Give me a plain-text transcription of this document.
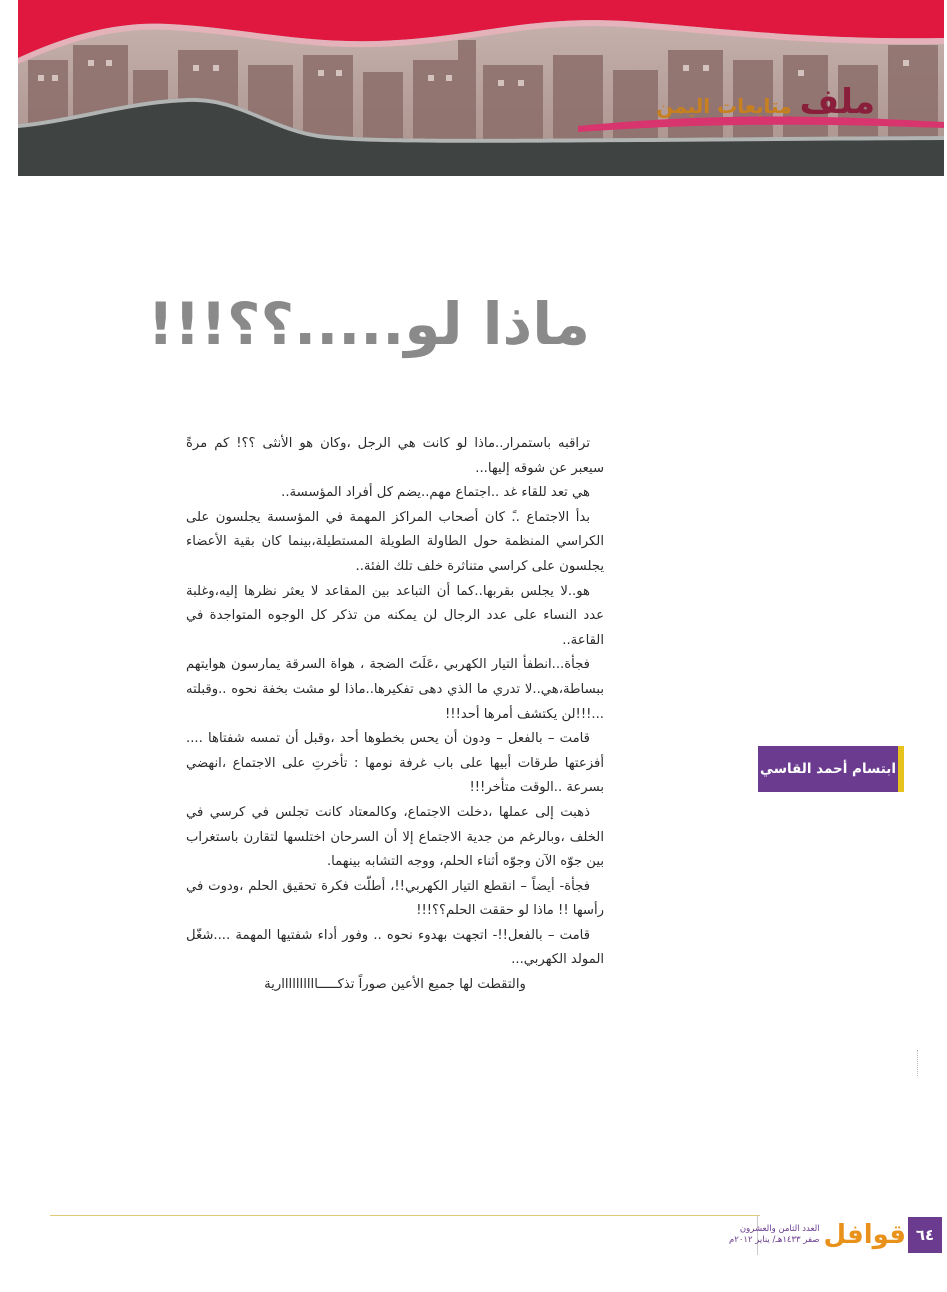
ملف
متابعات اليمن
ماذا لو.....؟؟!!!

تراقبه باستمرار..ماذا لو كانت هي الرجل ،وكان هو الأنثى ؟؟! كم مرةً سيعبر عن شوقه إليها...

هي تعد للقاء غد ..اجتماع مهم..يضم كل أفراد المؤسسة..

بدأ الاجتماع ..ً كان أصحاب المراكز المهمة في المؤسسة يجلسون على الكراسي المنظمة حول الطاولة الطويلة المستطيلة،بينما كان بقية الأعضاء يجلسون على كراسي متناثرة خلف تلك الفئة..

هو..لا يجلس بقربها..كما أن التباعد بين المقاعد لا يعثر نظرها إليه،وغلبة عدد النساء على عدد الرجال لن يمكنه من تذكر كل الوجوه المتواجدة في القاعة..

فجأة...انطفأ التيار الكهربي ،عَلَتَ الضجة ، هواة السرقة يمارسون هوايتهم ببساطة،هي..لا تدري ما الذي دهى تفكيرها..ماذا لو مشت بخفة نحوه ..وقبلته ...!!!لن يكتشف أمرها أحد!!!

قامت – بالفعل – ودون أن يحس بخطوها أحد ،وقبل أن تمسه شفتاها .... أفزعتها طرقات أبيها على باب غرفة نومها : تأخرتِ على الاجتماع ،انهضي بسرعة ..الوقت متأخر!!!

ذهبت إلى عملها ،دخلت الاجتماع، وكالمعتاد كانت تجلس في كرسي في الخلف ،وبالرغم من جدية الاجتماع إلا أن السرحان اختلسها لتقارن باستغراب بين جوّه الآن وجوّه أثناء الحلم، ووجه التشابه بينهما.

فجأة- أيضاً – انقطع التيار الكهربي!!، أطلّت فكرة تحقيق الحلم ،ودوت في رأسها !! ماذا لو حققت الحلم؟؟!!!

قامت – بالفعل!!- اتجهت بهدوء نحوه .. وفور أداء شفتيها المهمة ....شغّل المولد الكهربي...

والتقطت لها جميع الأعين صوراً تذكـــــاااااااااارية

ابتسام أحمد القاسي
قوافل
العدد الثامن والعشرون
صفر ١٤٣٣هـ/ يناير ٢٠١٢م	٦٤
